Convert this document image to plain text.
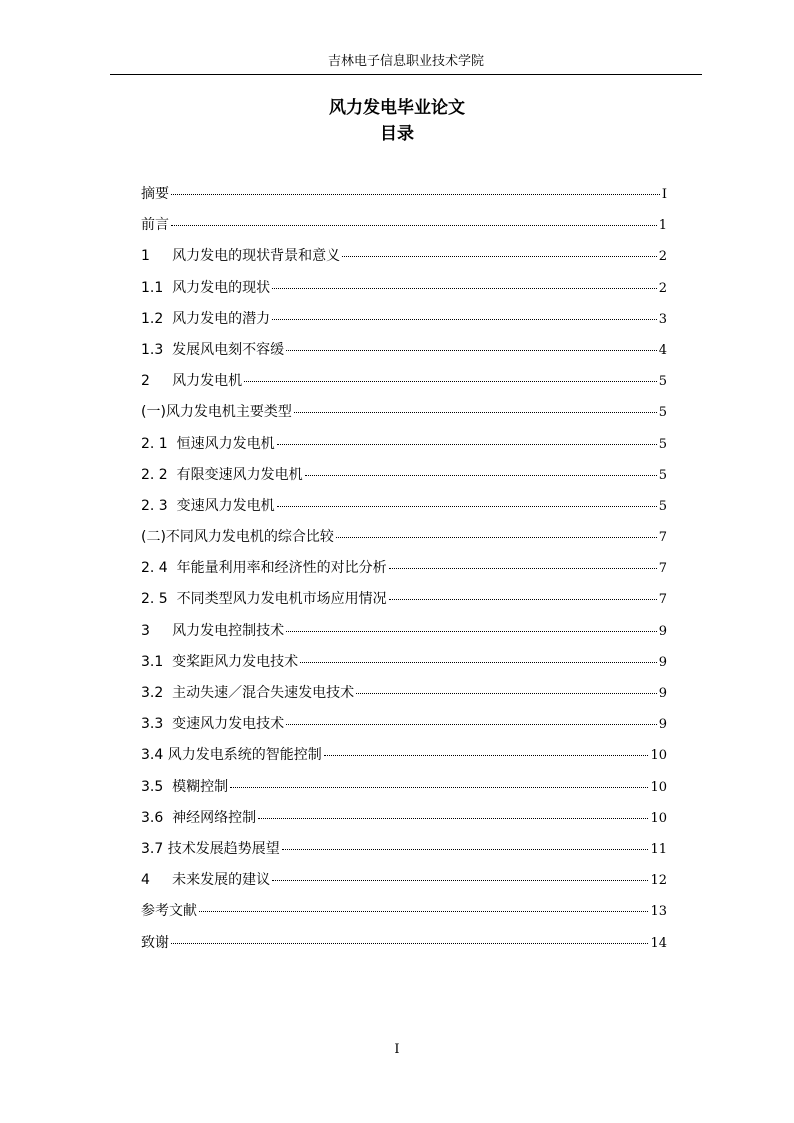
吉林电子信息职业技术学院
风力发电毕业论文
目录
摘要	I
前言	1
1     风力发电的现状背景和意义	2
1.1  风力发电的现状	2
1.2  风力发电的潜力	3
1.3  发展风电刻不容缓	4
2     风力发电机	5
(一)风力发电机主要类型	5
2. 1  恒速风力发电机	5
2. 2  有限变速风力发电机	5
2. 3  变速风力发电机	5
(二)不同风力发电机的综合比较	7
2. 4  年能量利用率和经济性的对比分析	7
2. 5  不同类型风力发电机市场应用情况	7
3     风力发电控制技术	9
3.1  变桨距风力发电技术	9
3.2  主动失速／混合失速发电技术	9
3.3  变速风力发电技术	9
3.4 风力发电系统的智能控制	10
3.5  模糊控制	10
3.6  神经网络控制	10
3.7 技术发展趋势展望	11
4     未来发展的建议	12
参考文献	13
致谢	14
I
